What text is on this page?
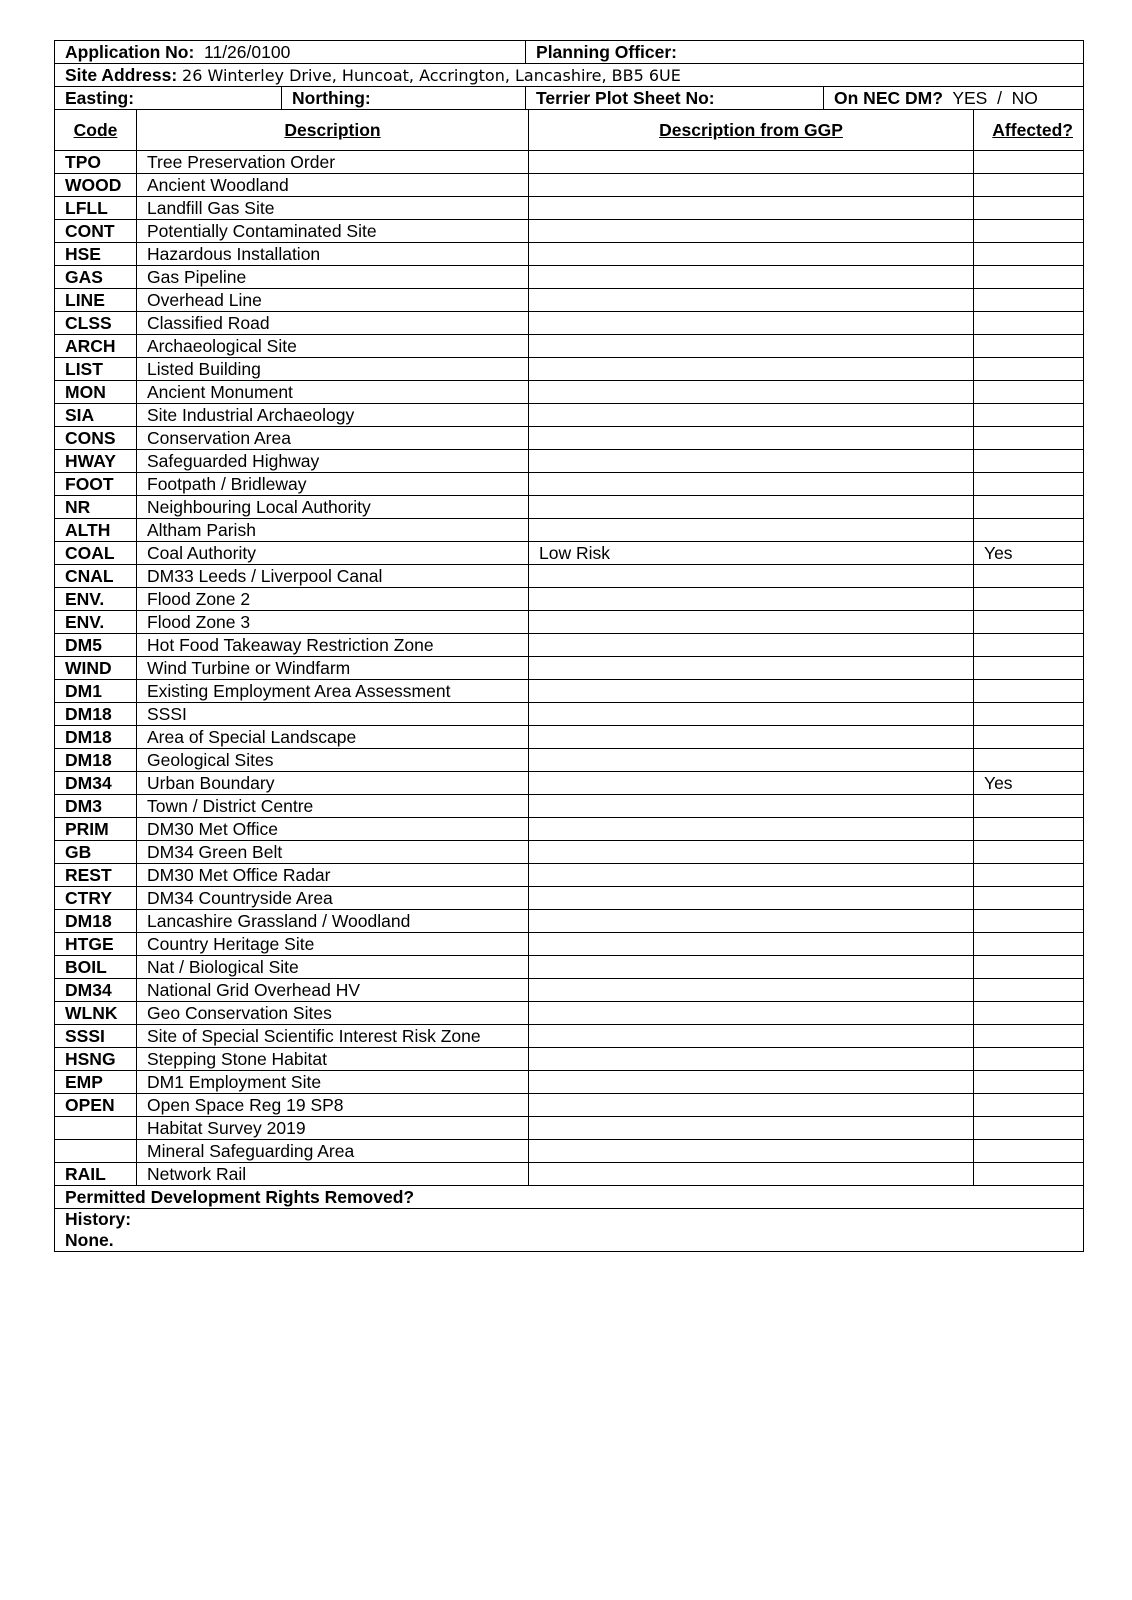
Application No: 11/26/0100		Planning Officer:	
Site Address: 26 Winterley Drive, Huncoat, Accrington, Lancashire, BB5 6UE			
Easting:	Northing:	Terrier Plot Sheet No:	On NEC DM? YES  /  NO
Code	Description	Description from GGP	Affected?
TPO	Tree Preservation Order		
WOOD	Ancient Woodland		
LFLL	Landfill Gas Site		
CONT	Potentially Contaminated Site		
HSE	Hazardous Installation		
GAS	Gas Pipeline		
LINE	Overhead Line		
CLSS	Classified Road		
ARCH	Archaeological Site		
LIST	Listed Building		
MON	Ancient Monument		
SIA	Site Industrial Archaeology		
CONS	Conservation Area		
HWAY	Safeguarded Highway		
FOOT	Footpath / Bridleway		
NR	Neighbouring Local Authority		
ALTH	Altham Parish		
COAL	Coal Authority	Low Risk	Yes
CNAL	DM33 Leeds / Liverpool Canal		
ENV.	Flood Zone 2		
ENV.	Flood Zone 3		
DM5	Hot Food Takeaway Restriction Zone		
WIND	Wind Turbine or Windfarm		
DM1	Existing Employment Area Assessment		
DM18	SSSI		
DM18	Area of Special Landscape		
DM18	Geological Sites		
DM34	Urban Boundary		Yes
DM3	Town / District Centre		
PRIM	DM30 Met Office		
GB	DM34 Green Belt		
REST	DM30 Met Office Radar		
CTRY	DM34 Countryside Area		
DM18	Lancashire Grassland / Woodland		
HTGE	Country Heritage Site		
BOIL	Nat / Biological Site		
DM34	National Grid Overhead HV		
WLNK	Geo Conservation Sites		
SSSI	Site of Special Scientific Interest Risk Zone		
HSNG	Stepping Stone Habitat		
EMP	DM1 Employment Site		
OPEN	Open Space Reg 19 SP8		
	Habitat Survey 2019		
	Mineral Safeguarding Area		
RAIL	Network Rail		
Permitted Development Rights Removed?			

History:
None.			
